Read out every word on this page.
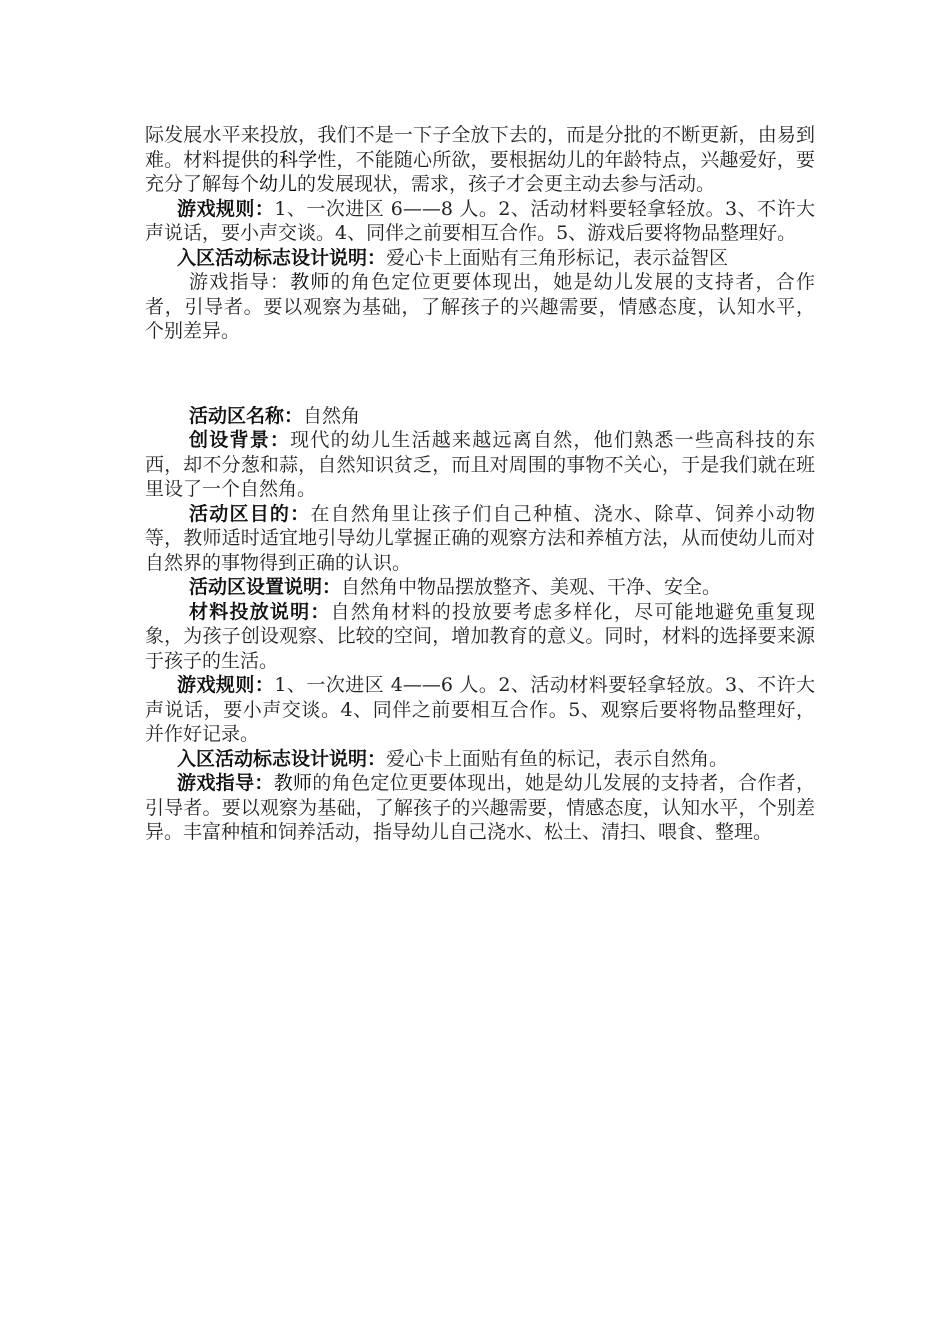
际发展水平来投放，我们不是一下子全放下去的，而是分批的不断更新，由易到难。材料提供的科学性，不能随心所欲，要根据幼儿的年龄特点，兴趣爱好，要充分了解每个幼儿的发展现状，需求，孩子才会更主动去参与活动。

游戏规则：1、一次进区 6——8 人。2、活动材料要轻拿轻放。3、不许大声说话，要小声交谈。4、同伴之前要相互合作。5、游戏后要将物品整理好。

入区活动标志设计说明：爱心卡上面贴有三角形标记，表示益智区

游戏指导：教师的角色定位更要体现出，她是幼儿发展的支持者，合作者，引导者。要以观察为基础，了解孩子的兴趣需要，情感态度，认知水平， 个别差异。

活动区名称：自然角

创设背景：现代的幼儿生活越来越远离自然，他们熟悉一些高科技的东西，却不分葱和蒜，自然知识贫乏，而且对周围的事物不关心，于是我们就在班里设了一个自然角。

活动区目的：在自然角里让孩子们自己种植、浇水、除草、饲养小动物等，教师适时适宜地引导幼儿掌握正确的观察方法和养植方法，从而使幼儿而对自然界的事物得到正确的认识。

活动区设置说明：自然角中物品摆放整齐、美观、干净、安全。

材料投放说明：自然角材料的投放要考虑多样化，尽可能地避免重复现象，为孩子创设观察、比较的空间，增加教育的意义。同时，材料的选择要来源于孩子的生活。

游戏规则：1、一次进区 4——6 人。2、活动材料要轻拿轻放。3、不许大声说话，要小声交谈。4、同伴之前要相互合作。5、观察后要将物品整理好， 并作好记录。

入区活动标志设计说明：爱心卡上面贴有鱼的标记，表示自然角。

游戏指导：教师的角色定位更要体现出，她是幼儿发展的支持者，合作者，引导者。要以观察为基础，了解孩子的兴趣需要，情感态度，认知水平，个别差异。丰富种植和饲养活动，指导幼儿自己浇水、松土、清扫、喂食、整理。
